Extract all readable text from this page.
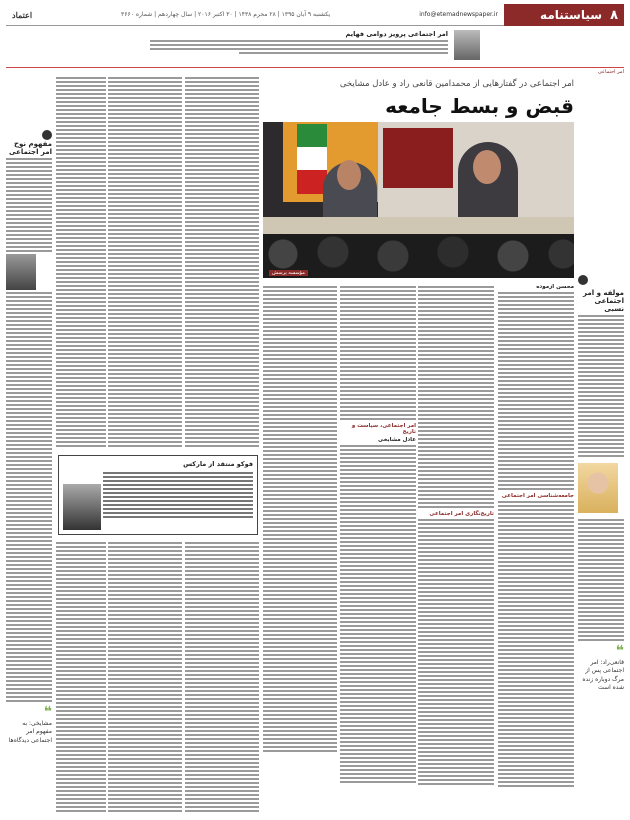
۸
سیاستنامه
info@etemadnewspaper.ir
یکشنبه ۹ آبان ۱۳۹۵ | ۲۸ محرم ۱۴۳۸ | ۳۰ اکتبر ۲۰۱۶ | سال چهاردهم | شماره ۳۶۶۰
اعتماد
امر اجتماعی پرویز دوامی فهایم
امر اجتماعی
امر اجتماعی در گفتارهایی از محمدامین قانعی راد و عادل مشایخی
قبض و بسط جامعه
مؤسسه پرسش
مولفه و امر اجتماعی نسبی
❝
قانعی‌راد: امر اجتماعی پس از مرگ دوباره زنده شده است
محسن آزموده
جامعه‌شناسی امر اجتماعی
تاریخ‌نگاری امر اجتماعی
امر اجتماعی، سیاست و تاریخ
عادل مشایخی
فوکو منتقد از مارکس
مفهوم نوح امر اجتماعی
❝
مشایخی: به مفهوم امر اجتماعی دیدگاه‌ها
